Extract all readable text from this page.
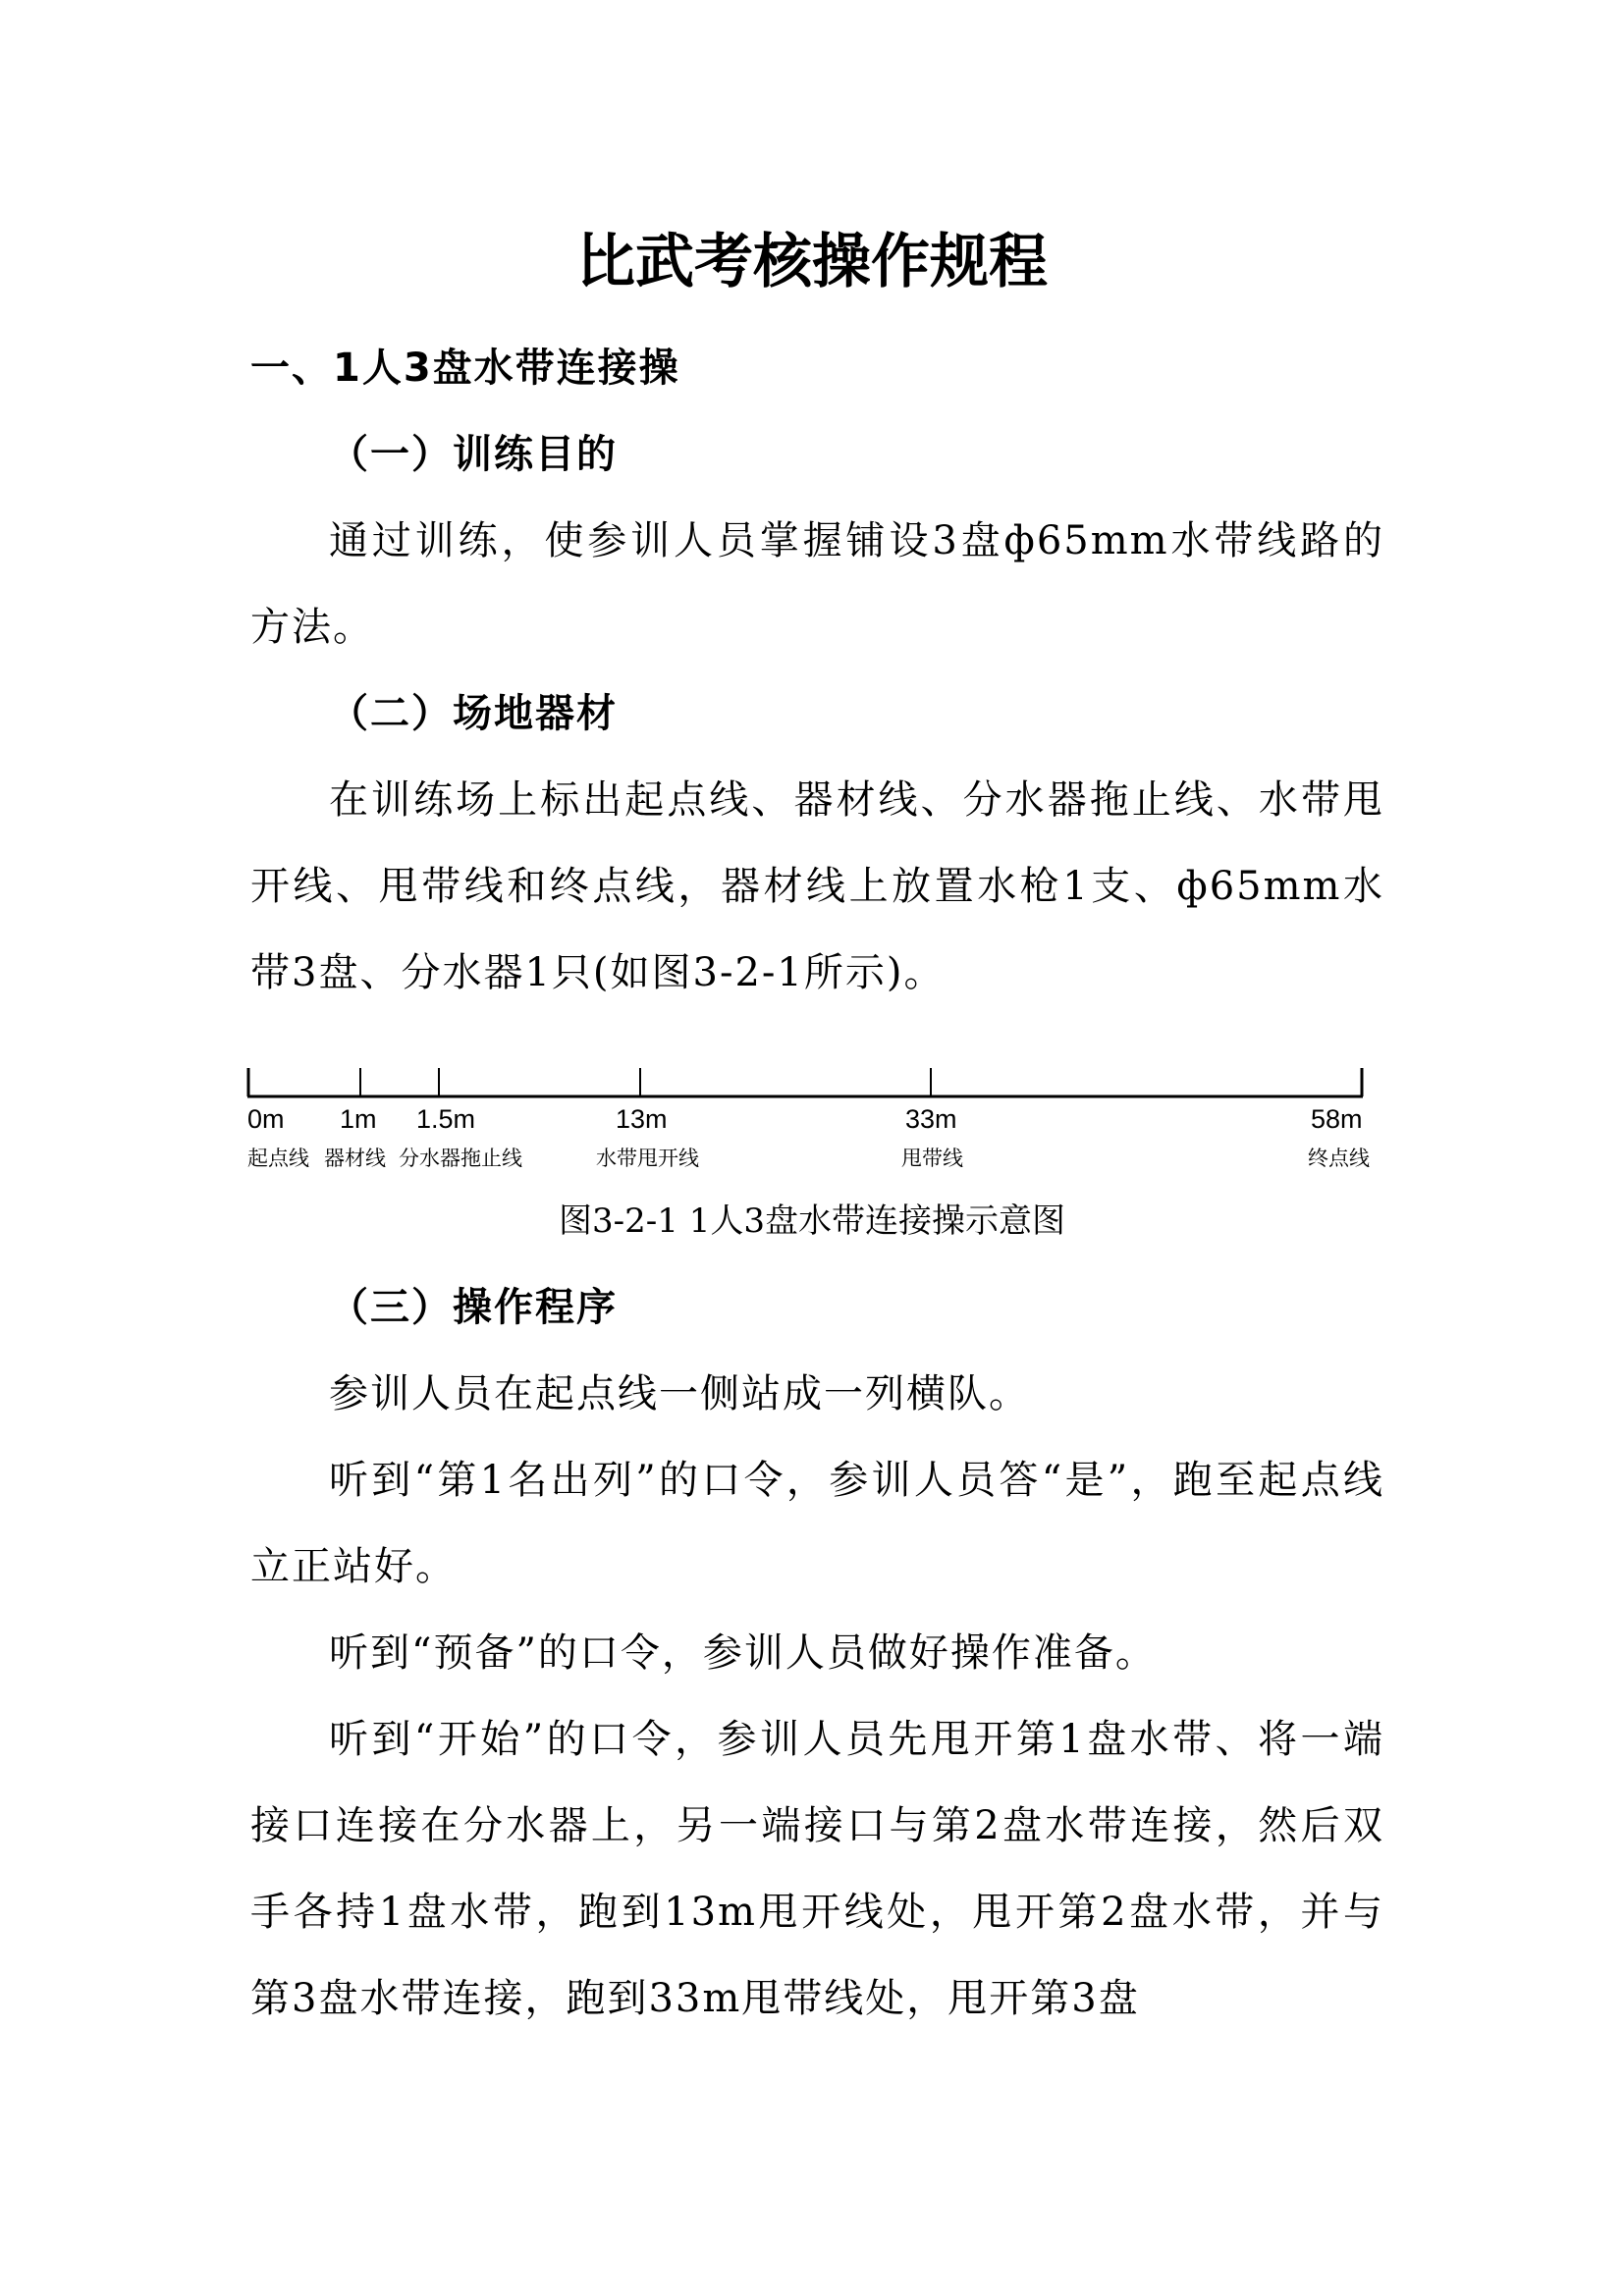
比武考核操作规程
一、1人3盘水带连接操
（一）训练目的
通过训练，使参训人员掌握铺设3盘ф65mm水带线路的方法。
（二）场地器材
在训练场上标出起点线、器材线、分水器拖止线、水带甩开线、甩带线和终点线，器材线上放置水枪1支、ф65mm水带3盘、分水器1只(如图3-2-1所示)。
0m 1m 1.5m	13m	33m	58m
起点线 器材线 分水器拖止线	水带甩开线	甩带线	终点线
图3-2-1 1人3盘水带连接操示意图
（三）操作程序
参训人员在起点线一侧站成一列横队。
听到“第1名出列”的口令，参训人员答“是”，跑至起点线立正站好。
听到“预备”的口令，参训人员做好操作准备。
听到“开始”的口令，参训人员先甩开第1盘水带、将一端接口连接在分水器上，另一端接口与第2盘水带连接，然后双手各持1盘水带，跑到13m甩开线处，甩开第2盘水带，并与第3盘水带连接，跑到33m甩带线处，甩开第3盘
